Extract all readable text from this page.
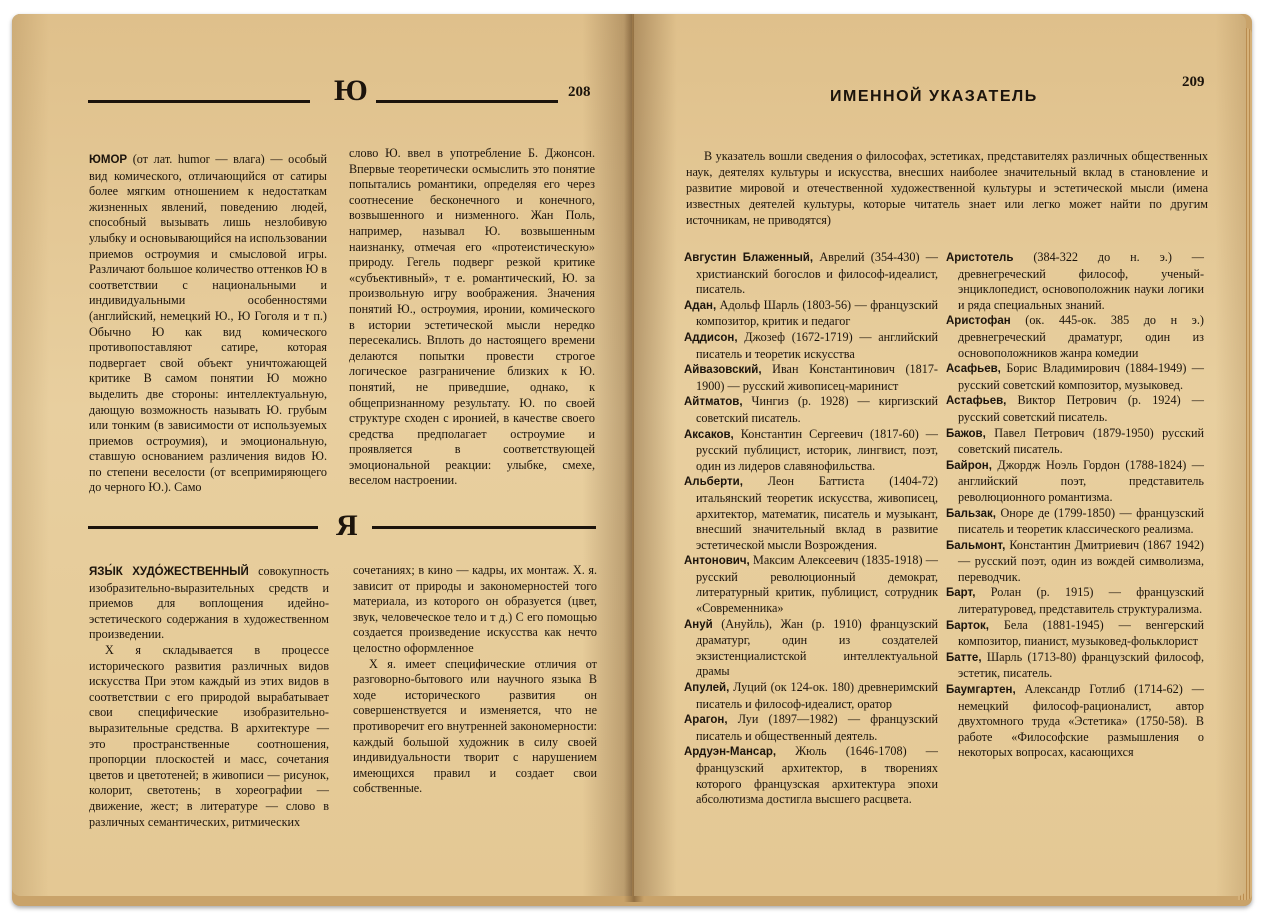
Ю	208

ЮМОР (от лат. humor — влага) — особый вид комического, отличающийся от сатиры более мягким отношением к недостаткам жизненных явлений, поведению людей, способный вызывать лишь незлобивую улыбку и основывающийся на использовании приемов остроумия и смысловой игры. Различают большое количество оттенков Ю в соответствии с национальными и индивидуальными особенностями (английский, немецкий Ю., Ю Гоголя и т п.) Обычно Ю как вид комического противопоставляют сатире, которая подвергает свой объект уничтожающей критике В самом понятии Ю можно выделить две стороны: интеллектуальную, дающую возможность называть Ю. грубым или тонким (в зависимости от используемых приемов остроумия), и эмоциональную, ставшую основанием различения видов Ю. по степени веселости (от всепримиряющего до черного Ю.). Само

слово Ю. ввел в употребление Б. Джонсон. Впервые теоретически осмыслить это понятие попытались романтики, определяя его через соотнесение бесконечного и конечного, возвышенного и низменного. Жан Поль, например, называл Ю. возвышенным наизнанку, отмечая его «протеистическую» природу. Гегель подверг резкой критике «субъективный», т е. романтический, Ю. за произвольную игру воображения. Значения понятий Ю., остроумия, иронии, комического в истории эстетической мысли нередко пересекались. Вплоть до настоящего времени делаются попытки провести строгое логическое разграничение близких к Ю. понятий, не приведшие, однако, к общепризнанному результату. Ю. по своей структуре сходен с иронией, в качестве своего средства предполагает остроумие и проявляется в соответствующей эмоциональной реакции: улыбке, смехе, веселом настроении.

Я

ЯЗЫ́К ХУДО́ЖЕСТВЕННЫЙ совокупность изобразительно-выразительных средств и приемов для воплощения идейно-эстетического содержания в художественном произведении.

Х я складывается в процессе исторического развития различных видов искусства При этом каждый из этих видов в соответствии с его природой вырабатывает свои специфические изобразительно-выразительные средства. В архитектуре — это пространственные соотношения, пропорции плоскостей и масс, сочетания цветов и цветотеней; в живописи — рисунок, колорит, светотень; в хореографии — движение, жест; в литературе — слово в различных семантических, ритмических

сочетаниях; в кино — кадры, их монтаж. Х. я. зависит от природы и закономерностей того материала, из которого он образуется (цвет, звук, человеческое тело и т д.) С его помощью создается произведение искусства как нечто целостно оформленное

Х я. имеет специфические отличия от разговорно-бытового или научного языка В ходе исторического развития он совершенствуется и изменяется, что не противоречит его внутренней закономерности: каждый большой художник в силу своей индивидуальности творит с нарушением имеющихся правил и создает свои собственные.

ИМЕННОЙ УКАЗАТЕЛЬ
209
В указатель вошли сведения о философах, эстетиках, представителях различных общественных наук, деятелях культуры и искусства, внесших наиболее значительный вклад в становление и развитие мировой и отечественной художественной культуры и эстетической мысли (имена известных деятелей культуры, которые читатель знает или легко может найти по другим источникам, не приводятся)

Августин Блаженный, Аврелий (354-430) — христианский богослов и философ-идеалист, писатель.

Адан, Адольф Шарль (1803-56) — французский композитор, критик и педагог

Аддисон, Джозеф (1672-1719) — английский писатель и теоретик искусства

Айвазовский, Иван Константинович (1817-1900) — русский живописец-маринист

Айтматов, Чингиз (р. 1928) — киргизский советский писатель.

Аксаков, Константин Сергеевич (1817-60) — русский публицист, историк, лингвист, поэт, один из лидеров славянофильства.

Альберти, Леон Баттиста (1404-72) итальянский теоретик искусства, живописец, архитектор, математик, писатель и музыкант, внесший значительный вклад в развитие эстетической мысли Возрождения.

Антонович, Максим Алексеевич (1835-1918) — русский революционный демократ, литературный критик, публицист, сотрудник «Современника»

Ануй (Ануйль), Жан (р. 1910) французский драматург, один из создателей экзистенциалистской интеллектуальной драмы

Апулей, Луций (ок 124-ок. 180) древнеримский писатель и философ-идеалист, оратор

Арагон, Луи (1897—1982) — французский писатель и общественный деятель.

Ардуэн-Мансар, Жюль (1646-1708) — французский архитектор, в творениях которого французская архитектура эпохи абсолютизма достигла высшего расцвета.

Аристотель (384-322 до н. э.) — древнегреческий философ, ученый-энциклопедист, основоположник науки логики и ряда специальных знаний.

Аристофан (ок. 445-ок. 385 до н э.) древнегреческий драматург, один из основоположников жанра комедии

Асафьев, Борис Владимирович (1884-1949) — русский советский композитор, музыковед.

Астафьев, Виктор Петрович (р. 1924) — русский советский писатель.

Бажов, Павел Петрович (1879-1950) русский советский писатель.

Байрон, Джордж Ноэль Гордон (1788-1824) — английский поэт, представитель революционного романтизма.

Бальзак, Оноре де (1799-1850) — французский писатель и теоретик классического реализма.

Бальмонт, Константин Дмитриевич (1867 1942) — русский поэт, один из вождей символизма, переводчик.

Барт, Ролан (р. 1915) — французский литературовед, представитель структурализма.

Барток, Бела (1881-1945) — венгерский композитор, пианист, музыковед-фольклорист

Батте, Шарль (1713-80) французский философ, эстетик, писатель.

Баумгартен, Александр Готлиб (1714-62) — немецкий философ-рационалист, автор двухтомного труда «Эстетика» (1750-58). В работе «Философские размышления о некоторых вопросах, касающихся
